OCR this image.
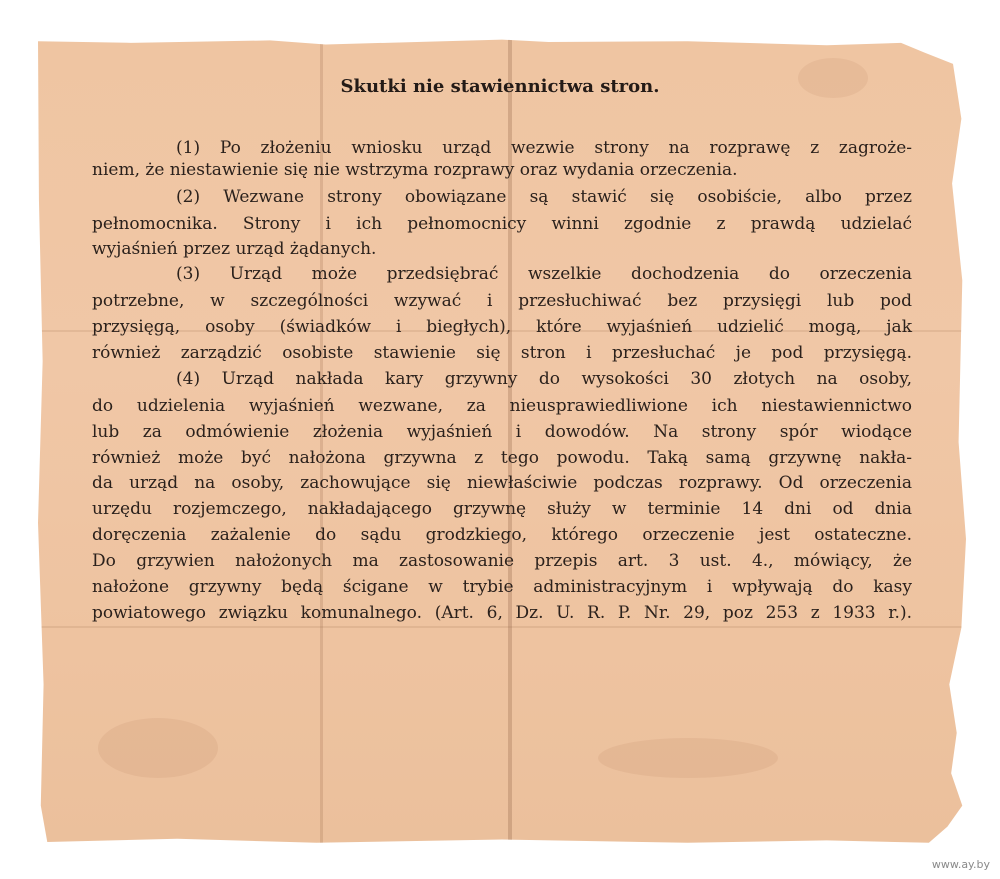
Skutki nie stawiennictwa stron.
(1) Po złożeniu wniosku urząd wezwie strony na rozprawę z zagroże-
niem, że niestawienie się nie wstrzyma rozprawy oraz wydania orzeczenia.
(2) Wezwane strony obowiązane są stawić się osobiście, albo przez
pełnomocnika. Strony i ich pełnomocnicy winni zgodnie z prawdą udzielać
wyjaśnień przez urząd żądanych.
(3) Urząd może przedsiębrać wszelkie dochodzenia do orzeczenia
potrzebne, w szczególności wzywać i przesłuchiwać bez przysięgi lub pod
przysięgą, osoby (świadków i biegłych), które wyjaśnień udzielić mogą, jak
również zarządzić osobiste stawienie się stron i przesłuchać je pod przysięgą.
(4) Urząd nakłada kary grzywny do wysokości 30 złotych na osoby,
do udzielenia wyjaśnień wezwane, za nieusprawiedliwione ich niestawiennictwo
lub za odmówienie złożenia wyjaśnień i dowodów. Na strony spór wiodące
również może być nałożona grzywna z tego powodu. Taką samą grzywnę nakła-
da urząd na osoby, zachowujące się niewłaściwie podczas rozprawy. Od orzeczenia
urzędu rozjemczego, nakładającego grzywnę służy w terminie 14 dni od dnia
doręczenia zażalenie do sądu grodzkiego, którego orzeczenie jest ostateczne.
Do grzywien nałożonych ma zastosowanie przepis art. 3 ust. 4., mówiący, że
nałożone grzywny będą ścigane w trybie administracyjnym i wpływają do kasy
powiatowego związku komunalnego. (Art. 6, Dz. U. R. P. Nr. 29, poz 253 z 1933 r.).
www.ay.by
